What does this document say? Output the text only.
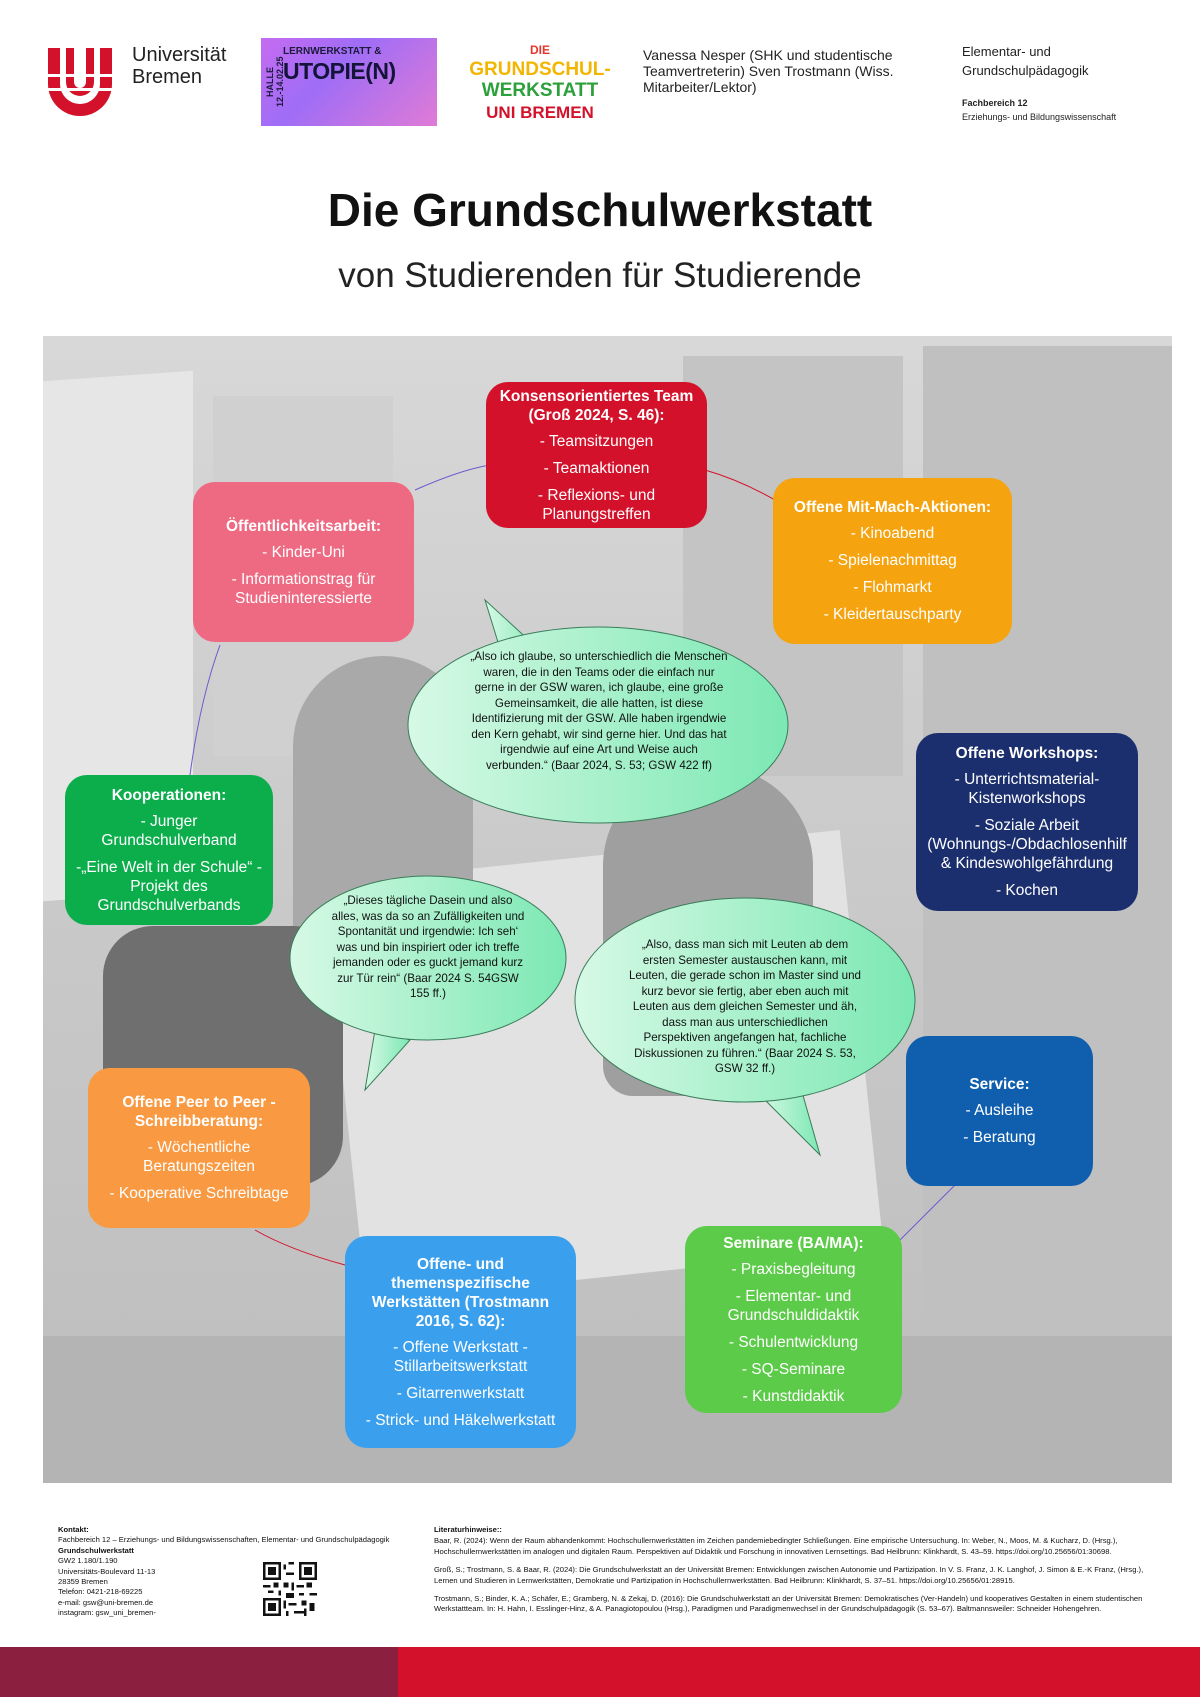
Universität
Bremen	HALLE 12.-14.02.25
LERNWERKSTATT &
UTOPIE(N)
DIE
GRUNDSCHUL-
WERKSTATT
UNI BREMEN
Vanessa Nesper (SHK und studentische Teamvertreterin) Sven Trostmann (Wiss. Mitarbeiter/Lektor)
Elementar- und
Grundschulpädagogik
Fachbereich 12
Erziehungs- und Bildungswissenschaft
Die Grundschulwerkstatt
von Studierenden für Studierende
Konsensorientiertes Team (Groß 2024, S. 46):
- Teamsitzungen
- Teamaktionen
- Reflexions- und Planungstreffen
Öffentlichkeitsarbeit:
- Kinder-Uni
- Informationstrag für Studieninteressierte
Offene Mit-Mach-Aktionen:
- Kinoabend
- Spielenachmittag
- Flohmarkt
- Kleidertauschparty
Offene Workshops:
- Unterrichtsmaterial-Kistenworkshops
- Soziale Arbeit (Wohnungs-/Obdachlosenhilf & Kindeswohlgefährdung
- Kochen
Kooperationen:
- Junger Grundschulverband
-„Eine Welt in der Schule“ - Projekt des Grundschulverbands
Service:
- Ausleihe
- Beratung
Offene Peer to Peer - Schreibberatung:
- Wöchentliche Beratungszeiten
- Kooperative Schreibtage
Offene- und themenspezifische Werkstätten (Trostmann 2016, S. 62):
- Offene Werkstatt - Stillarbeitswerkstatt
- Gitarrenwerkstatt
- Strick- und Häkelwerkstatt
Seminare (BA/MA):
- Praxisbegleitung
- Elementar- und Grundschuldidaktik
- Schulentwicklung
- SQ-Seminare
- Kunstdidaktik
„Also ich glaube, so unterschiedlich die Menschen waren, die in den Teams oder die einfach nur gerne in der GSW waren, ich glaube, eine große Gemeinsamkeit, die alle hatten, ist diese Identifizierung mit der GSW. Alle haben irgendwie den Kern gehabt, wir sind gerne hier. Und das hat irgendwie auf eine Art und Weise auch verbunden.“ (Baar 2024, S. 53; GSW 422 ff)
„Dieses tägliche Dasein und also alles, was da so an Zufälligkeiten und Spontanität und irgendwie: Ich seh‘ was und bin inspiriert oder ich treffe jemanden oder es guckt jemand kurz zur Tür rein“ (Baar 2024 S. 54GSW 155 ff.)
„Also, dass man sich mit Leuten ab dem ersten Semester austauschen kann, mit Leuten, die gerade schon im Master sind und kurz bevor sie fertig, aber eben auch mit Leuten aus dem gleichen Semester und äh, dass man aus unterschiedlichen Perspektiven angefangen hat, fachliche Diskussionen zu führen.“ (Baar 2024 S. 53, GSW 32 ff.)
Kontakt:
Fachbereich 12 – Erziehungs- und Bildungswissenschaften, Elementar- und Grundschulpädagogik
Grundschulwerkstatt
GW2 1.180/1.190
Universitäts-Boulevard 11-13
28359 Bremen
Telefon: 0421-218-69225
e-mail: gsw@uni-bremen.de
instagram: gsw_uni_bremen-
Literaturhinweise::

Baar, R. (2024): Wenn der Raum abhandenkommt: Hochschullernwerkstätten im Zeichen pandemiebedingter Schließungen. Eine empirische Untersuchung. In: Weber, N., Moos, M. & Kucharz, D. (Hrsg.), Hochschullernwerkstätten im analogen und digitalen Raum. Perspektiven auf Didaktik und Forschung in innovativen Lernsettings. Bad Heilbrunn: Klinkhardt, S. 43–59. https://doi.org/10.25656/01:30698.

Groß, S.; Trostmann, S. & Baar, R. (2024): Die Grundschulwerkstatt an der Universität Bremen: Entwicklungen zwischen Autonomie und Partizipation. In V. S. Franz, J. K. Langhof, J. Simon & E.-K Franz, (Hrsg.), Lernen und Studieren in Lernwerkstätten, Demokratie und Partizipation in Hochschullernwerkstätten. Bad Heilbrunn: Klinkhardt, S. 37–51. https://doi.org/10.25656/01:28915.

Trostmann, S.; Binder, K. A.; Schäfer, E.; Gramberg, N. & Zekaj, D. (2016): Die Grundschulwerkstatt an der Universität Bremen: Demokratisches (Ver-Handeln) und kooperatives Gestalten in einem studentischen Werkstattteam. In: H. Hahn, I. Esslinger-Hinz, & A. Panagiotopoulou (Hrsg.), Paradigmen und Paradigmenwechsel in der Grundschulpädagogik (S. 53–67). Baltmannsweiler: Schneider Hohengehren.
